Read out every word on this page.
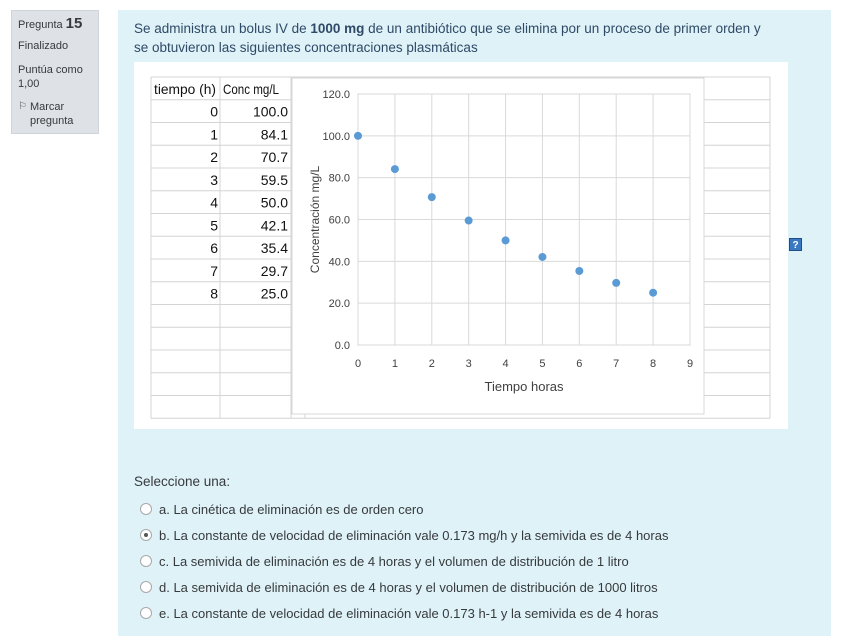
Pregunta 15
Finalizado
Puntúa como
1,00
⚐ Marcar pregunta
Se administra un bolus IV de 1000 mg de un antibiótico que se elimina por un proceso de primer orden y se obtuvieron las siguientes concentraciones plasmáticas
tiempo (h) Conc mg/L
0 100.0
1	84.1
2	70.7
3	59.5
4	50.0
5	42.1
6	35.4
7	29.7
8	25.0
0.0
20.0
40.0
60.0
80.0
100.0
120.0
0	1	2	3	4	5	6	7	8	9
Tiempo horas
Concentración mg/L	?
Seleccione una:
a. La cinética de eliminación es de orden cero
b. La constante de velocidad de eliminación vale 0.173 mg/h y la semivida es de 4 horas
c. La semivida de eliminación es de 4 horas y el volumen de distribución de 1 litro
d. La semivida de eliminación es de 4 horas y el volumen de distribución de 1000 litros
e. La constante de velocidad de eliminación vale 0.173 h-1 y la semivida es de 4 horas
